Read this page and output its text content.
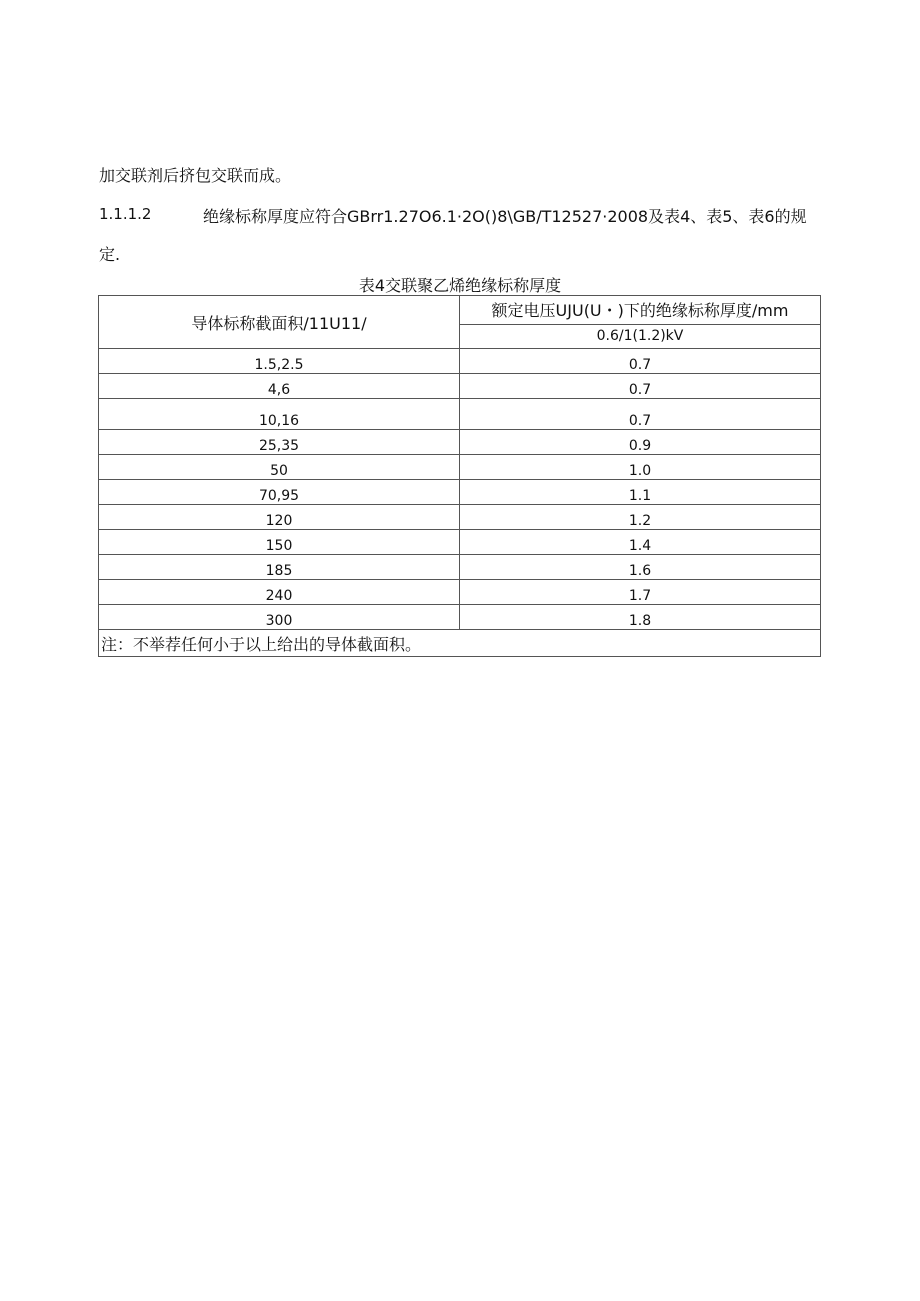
加交联剂后挤包交联而成。
1.1.1.2	绝缘标称厚度应符合GBrr1.27O6.1·2O()8\GB/T12527·2008及表4、表5、表6的规
定.
表4交联聚乙烯绝缘标称厚度
导体标称截面积∕11U11∕	额定电压UJU(U・)下的绝缘标称厚度∕mm
	0.6/1(1.2)kV
1.5,2.5	0.7
4,6	0.7
10,16	0.7
25,35	0.9
50	1.0
70,95	1.1
120	1.2
150	1.4
185	1.6
240	1.7
300	1.8
注：不举荐任何小于以上给出的导体截面积。	
